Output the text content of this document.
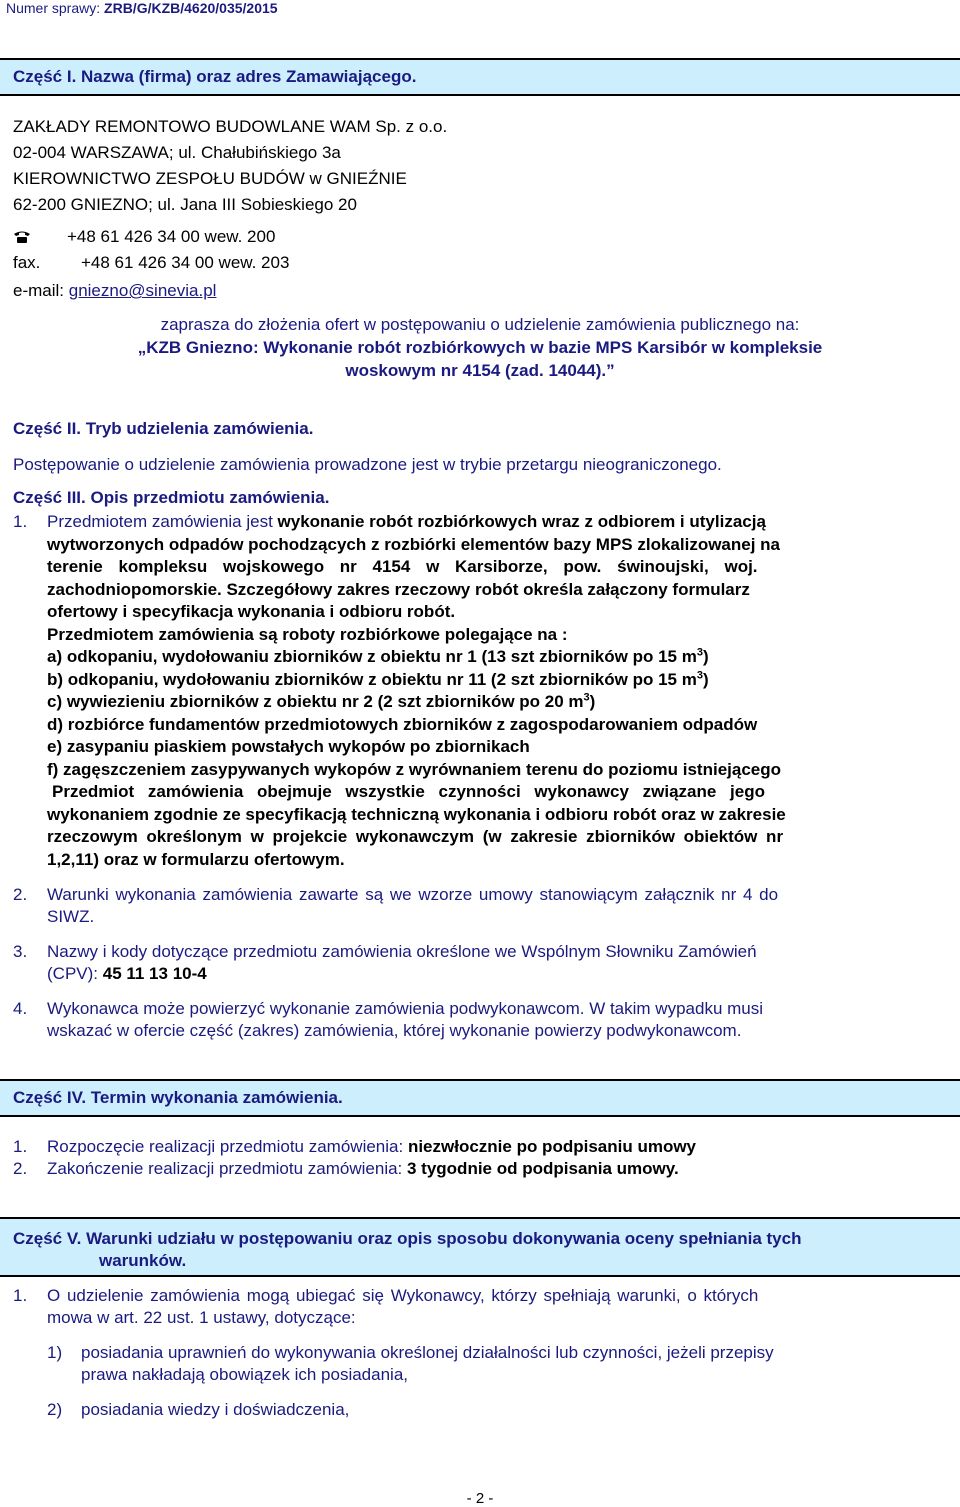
Numer sprawy: ZRB/G/KZB/4620/035/2015
Część I. Nazwa (firma) oraz adres Zamawiającego.
ZAKŁADY REMONTOWO BUDOWLANE WAM Sp. z o.o.
02-004 WARSZAWA; ul. Chałubińskiego 3a
KIEROWNICTWO ZESPOŁU BUDÓW w GNIEŹNIE
62-200 GNIEZNO; ul. Jana III Sobieskiego 20
+48 61 426 34 00 wew. 200
fax. +48 61 426 34 00 wew. 203
e-mail: gniezno@sinevia.pl
zaprasza do złożenia ofert w postępowaniu o udzielenie zamówienia publicznego na:
„KZB Gniezno: Wykonanie robót rozbiórkowych w bazie MPS Karsibór w kompleksie
woskowym nr 4154 (zad. 14044).”
Część II. Tryb udzielenia zamówienia.
Postępowanie o udzielenie zamówienia prowadzone jest w trybie przetargu nieograniczonego.
Część III. Opis przedmiotu zamówienia.
1. Przedmiotem zamówienia jest wykonanie robót rozbiórkowych wraz z odbiorem i utylizacją
wytworzonych odpadów pochodzących z rozbiórki elementów bazy MPS zlokalizowanej na
terenie kompleksu wojskowego nr 4154 w Karsiborze, pow. świnoujski, woj.
zachodniopomorskie. Szczegółowy zakres rzeczowy robót określa załączony formularz
ofertowy i specyfikacja wykonania i odbioru robót.
Przedmiotem zamówienia są roboty rozbiórkowe polegające na :
a) odkopaniu, wydołowaniu zbiorników z obiektu nr 1 (13 szt zbiorników po 15 $m^3$)
b) odkopaniu, wydołowaniu zbiorników z obiektu nr 11 (2 szt zbiorników po 15 $m^3$)
c) wywiezieniu zbiorników z obiektu nr 2 (2 szt zbiorników po 20 $m^3$)
d) rozbiórce fundamentów przedmiotowych zbiorników z zagospodarowaniem odpadów
e) zasypaniu piaskiem powstałych wykopów po zbiornikach
f) zagęszczeniem zasypywanych wykopów z wyrównaniem terenu do poziomu istniejącego
Przedmiot zamówienia obejmuje wszystkie czynności wykonawcy związane jego
wykonaniem zgodnie ze specyfikacją techniczną wykonania i odbioru robót oraz w zakresie
rzeczowym określonym w projekcie wykonawczym (w zakresie zbiorników obiektów nr
1,2,11) oraz w formularzu ofertowym.
2. Warunki wykonania zamówienia zawarte są we wzorze umowy stanowiącym załącznik nr 4 do
SIWZ.
3. Nazwy i kody dotyczące przedmiotu zamówienia określone we Wspólnym Słowniku Zamówień
(CPV): 45 11 13 10-4
4. Wykonawca może powierzyć wykonanie zamówienia podwykonawcom. W takim wypadku musi
wskazać w ofercie część (zakres) zamówienia, której wykonanie powierzy podwykonawcom.
Część IV. Termin wykonania zamówienia.
1. Rozpoczęcie realizacji przedmiotu zamówienia: niezwłocznie po podpisaniu umowy
2. Zakończenie realizacji przedmiotu zamówienia: 3 tygodnie od podpisania umowy.
Część V. Warunki udziału w postępowaniu oraz opis sposobu dokonywania oceny spełniania tych
warunków.
1. O udzielenie zamówienia mogą ubiegać się Wykonawcy, którzy spełniają warunki, o których
mowa w art. 22 ust. 1 ustawy, dotyczące:
1) posiadania uprawnień do wykonywania określonej działalności lub czynności, jeżeli przepisy
prawa nakładają obowiązek ich posiadania,
2) posiadania wiedzy i doświadczenia,
- 2 -
